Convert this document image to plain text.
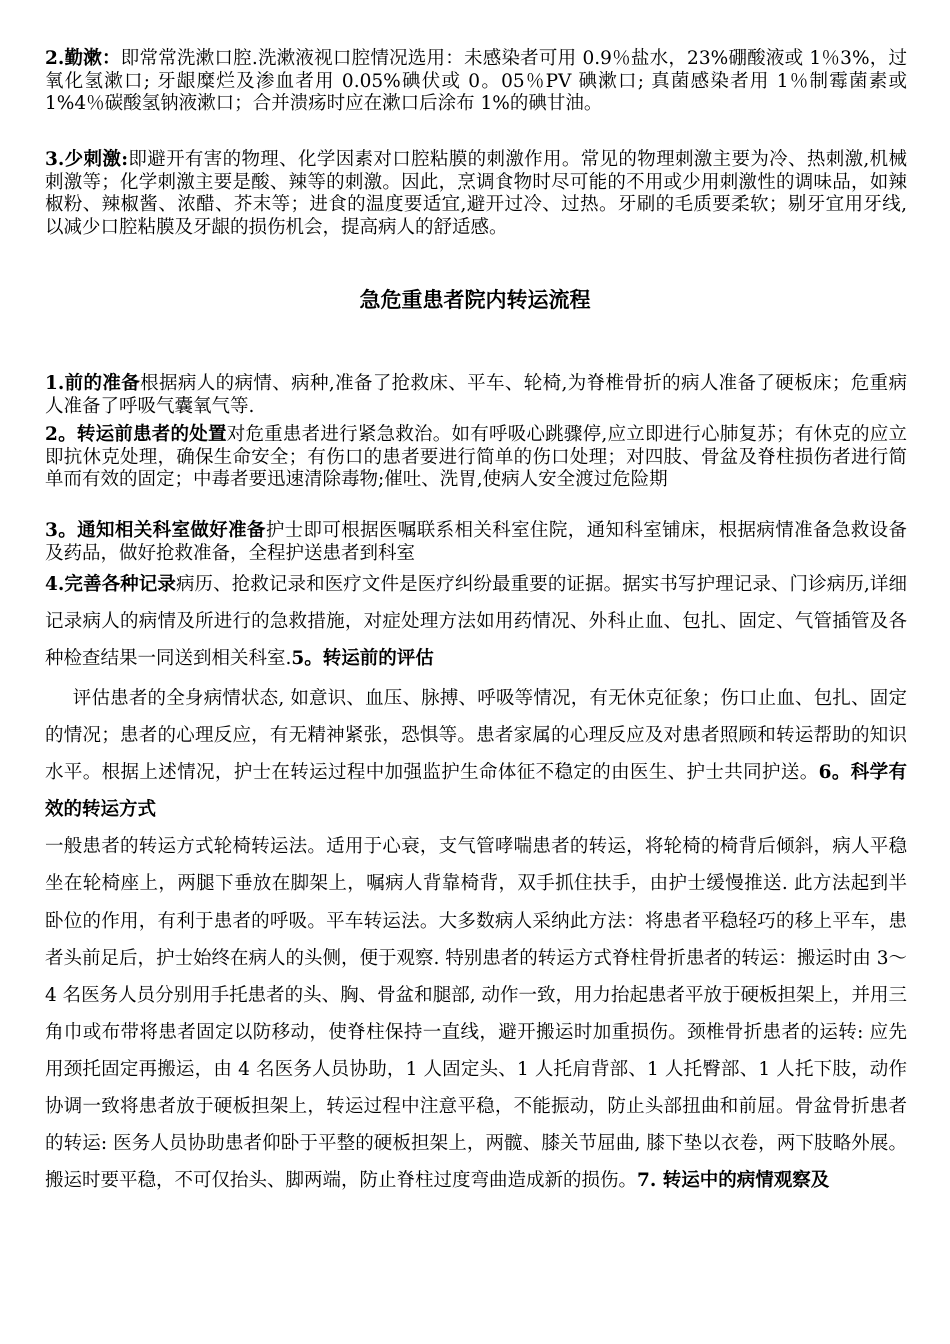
2.勤漱：即常常洗漱口腔.洗漱液视口腔情况选用：未感染者可用 0.9％盐水，23%硼酸液或 1％3%，过氧化氢漱口; 牙龈糜烂及渗血者用 0.05%碘伏或 0。05％PV 碘漱口; 真菌感染者用 1％制霉菌素或 1%4％碳酸氢钠液漱口；合并溃疡时应在漱口后涂布 1%的碘甘油。

3.少刺激:即避开有害的物理、化学因素对口腔粘膜的刺激作用。常见的物理刺激主要为冷、热刺激,机械刺激等；化学刺激主要是酸、辣等的刺激。因此，烹调食物时尽可能的不用或少用刺激性的调味品，如辣椒粉、辣椒酱、浓醋、芥末等；进食的温度要适宜,避开过冷、过热。牙刷的毛质要柔软；剔牙宜用牙线,以减少口腔粘膜及牙龈的损伤机会，提高病人的舒适感。

急危重患者院内转运流程

1.前的准备根据病人的病情、病种,准备了抢救床、平车、轮椅,为脊椎骨折的病人准备了硬板床；危重病人准备了呼吸气囊氧气等.

2。转运前患者的处置对危重患者进行紧急救治。如有呼吸心跳骤停,应立即进行心肺复苏；有休克的应立即抗休克处理，确保生命安全；有伤口的患者要进行简单的伤口处理；对四肢、骨盆及脊柱损伤者进行简单而有效的固定；中毒者要迅速清除毒物;催吐、洗胃,使病人安全渡过危险期

3。通知相关科室做好准备护士即可根据医嘱联系相关科室住院，通知科室铺床，根据病情准备急救设备及药品，做好抢救准备，全程护送患者到科室

4.完善各种记录病历、抢救记录和医疗文件是医疗纠纷最重要的证据。据实书写护理记录、门诊病历,详细记录病人的病情及所进行的急救措施，对症处理方法如用药情况、外科止血、包扎、固定、气管插管及各种检查结果一同送到相关科室.5。转运前的评估

评估患者的全身病情状态, 如意识、血压、脉搏、呼吸等情况，有无休克征象；伤口止血、包扎、固定的情况；患者的心理反应，有无精神紧张，恐惧等。患者家属的心理反应及对患者照顾和转运帮助的知识水平。根据上述情况，护士在转运过程中加强监护生命体征不稳定的由医生、护士共同护送。6。科学有效的转运方式

一般患者的转运方式轮椅转运法。适用于心衰，支气管哮喘患者的转运，将轮椅的椅背后倾斜，病人平稳坐在轮椅座上，两腿下垂放在脚架上，嘱病人背靠椅背，双手抓住扶手，由护士缓慢推送. 此方法起到半卧位的作用，有利于患者的呼吸。平车转运法。大多数病人采纳此方法：将患者平稳轻巧的移上平车，患者头前足后，护士始终在病人的头侧，便于观察. 特别患者的转运方式脊柱骨折患者的转运：搬运时由 3～4 名医务人员分别用手托患者的头、胸、骨盆和腿部, 动作一致，用力抬起患者平放于硬板担架上，并用三角巾或布带将患者固定以防移动，使脊柱保持一直线，避开搬运时加重损伤。颈椎骨折患者的运转: 应先用颈托固定再搬运，由 4 名医务人员协助，1 人固定头、1 人托肩背部、1 人托臀部、1 人托下肢，动作协调一致将患者放于硬板担架上，转运过程中注意平稳，不能振动，防止头部扭曲和前屈。骨盆骨折患者的转运: 医务人员协助患者仰卧于平整的硬板担架上，两髋、膝关节屈曲, 膝下垫以衣卷，两下肢略外展。搬运时要平稳，不可仅抬头、脚两端，防止脊柱过度弯曲造成新的损伤。7. 转运中的病情观察及
